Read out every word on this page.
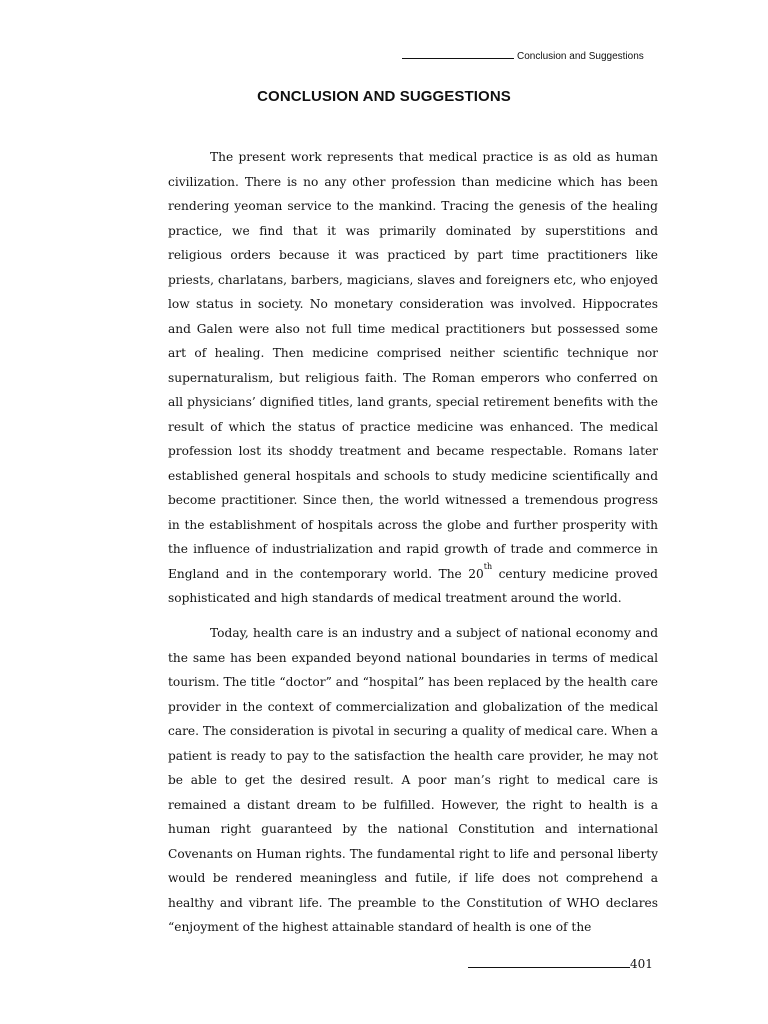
Conclusion and Suggestions
CONCLUSION AND SUGGESTIONS

The present work represents that medical practice is as old as human civilization. There is no any other profession than medicine which has been rendering yeoman service to the mankind. Tracing the genesis of the healing practice, we find that it was primarily dominated by superstitions and religious orders because it was practiced by part time practitioners like priests, charlatans, barbers, magicians, slaves and foreigners etc, who enjoyed low status in society. No monetary consideration was involved. Hippocrates and Galen were also not full time medical practitioners but possessed some art of healing. Then medicine comprised neither scientific technique nor supernaturalism, but religious faith. The Roman emperors who conferred on all physicians’ dignified titles, land grants, special retirement benefits with the result of which the status of practice medicine was enhanced. The medical profession lost its shoddy treatment and became respectable. Romans later established general hospitals and schools to study medicine scientifically and become practitioner. Since then, the world witnessed a tremendous progress in the establishment of hospitals across the globe and further prosperity with the influence of industrialization and rapid growth of trade and commerce in England and in the contemporary world. The 20th century medicine proved sophisticated and high standards of medical treatment around the world.

Today, health care is an industry and a subject of national economy and the same has been expanded beyond national boundaries in terms of medical tourism. The title “doctor” and “hospital” has been replaced by the health care provider in the context of commercialization and globalization of the medical care. The consideration is pivotal in securing a quality of medical care. When a patient is ready to pay to the satisfaction the health care provider, he may not be able to get the desired result. A poor man’s right to medical care is remained a distant dream to be fulfilled. However, the right to health is a human right guaranteed by the national Constitution and international Covenants on Human rights. The fundamental right to life and personal liberty would be rendered meaningless and futile, if life does not comprehend a healthy and vibrant life. The preamble to the Constitution of WHO declares “enjoyment of the highest attainable standard of health is one of the

401
